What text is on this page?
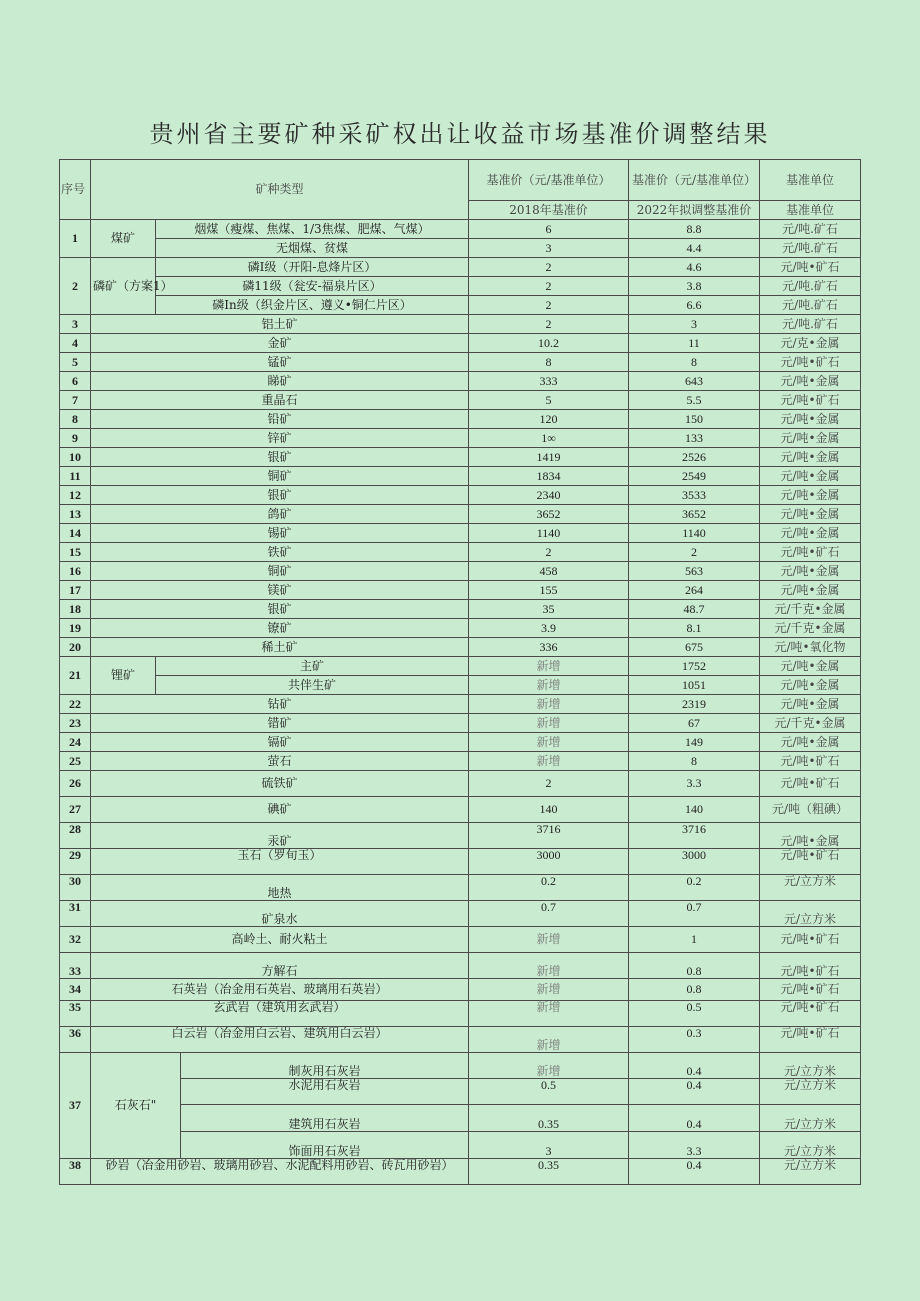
贵州省主要矿种采矿权出让收益市场基准价调整结果
序号	矿种类型			基准价（元/基准单位）	基准价（元/基准单位）	基准单位
				2018年基准价	2022年拟调整基准价	基准单位
1	煤矿	烟煤（瘦煤、焦煤、1/3焦煤、肥煤、气煤）		6	8.8	元/吨.矿石
		无烟煤、贫煤		3	4.4	元/吨.矿石
2	磷矿（方案1）	磷I级（开阳-息烽片区）		2	4.6	元/吨•矿石
		磷11级（瓮安-福泉片区）		2	3.8	元/吨.矿石
		磷In级（织金片区、遵义•铜仁片区）		2	6.6	元/吨.矿石
3	铝土矿			2	3	元/吨.矿石
4	金矿			10.2	11	元/克•金属
5	锰矿			8	8	元/吨•矿石
6	睇矿			333	643	元/吨•金属
7	重晶石			5	5.5	元/吨•矿石
8	铅矿			120	150	元/吨•金属
9	锌矿			1∞	133	元/吨•金属
10	银矿			1419	2526	元/吨•金属
11	铜矿			1834	2549	元/吨•金属
12	银矿			2340	3533	元/吨•金属
13	鸽矿			3652	3652	元/吨•金属
14	锡矿			1140	1140	元/吨•金属
15	铁矿			2	2	元/吨•矿石
16	铜矿			458	563	元/吨•金属
17	镁矿			155	264	元/吨•金属
18	银矿			35	48.7	元/千克•金属
19	镣矿			3.9	8.1	元/千克•金属
20	稀土矿			336	675	元/吨•氧化物
21	锂矿	主矿		新增	1752	元/吨•金属
		共伴生矿		新增	1051	元/吨•金属
22	钻矿			新增	2319	元/吨•金属
23	错矿			新增	67	元/千克•金属
24	镉矿			新增	149	元/吨•金属
25	萤石			新增	8	元/吨•矿石
26	硫铁矿			2	3.3	元/吨•矿石
27	碘矿			140	140	元/吨（粗碘）
28	汞矿			3716	3716	元/吨•金属
29	玉石（罗旬玉）			3000	3000	元/吨•矿石
30	地热			0.2	0.2	元/立方米
31	矿泉水			0.7	0.7	元/立方米
32	高岭土、耐火粘土			新增	1	元/吨•矿石
33	方解石			新增	0.8	元/吨•矿石
34	石英岩（冶金用石英岩、玻璃用石英岩）			新增	0.8	元/吨•矿石
35	玄武岩（建筑用玄武岩）			新增	0.5	元/吨•矿石
36	白云岩（冶金用白云岩、建筑用白云岩）			新增	0.3	元/吨•矿石
37	石灰石"		制灰用石灰岩	新增	0.4	元/立方米
			水泥用石灰岩	0.5	0.4	元/立方米
			建筑用石灰岩	0.35	0.4	元/立方米
			饰面用石灰岩	3	3.3	元/立方米
38	砂岩（冶金用砂岩、玻璃用砂岩、水泥配料用砂岩、砖瓦用砂岩）			0.35	0.4	元/立方米
